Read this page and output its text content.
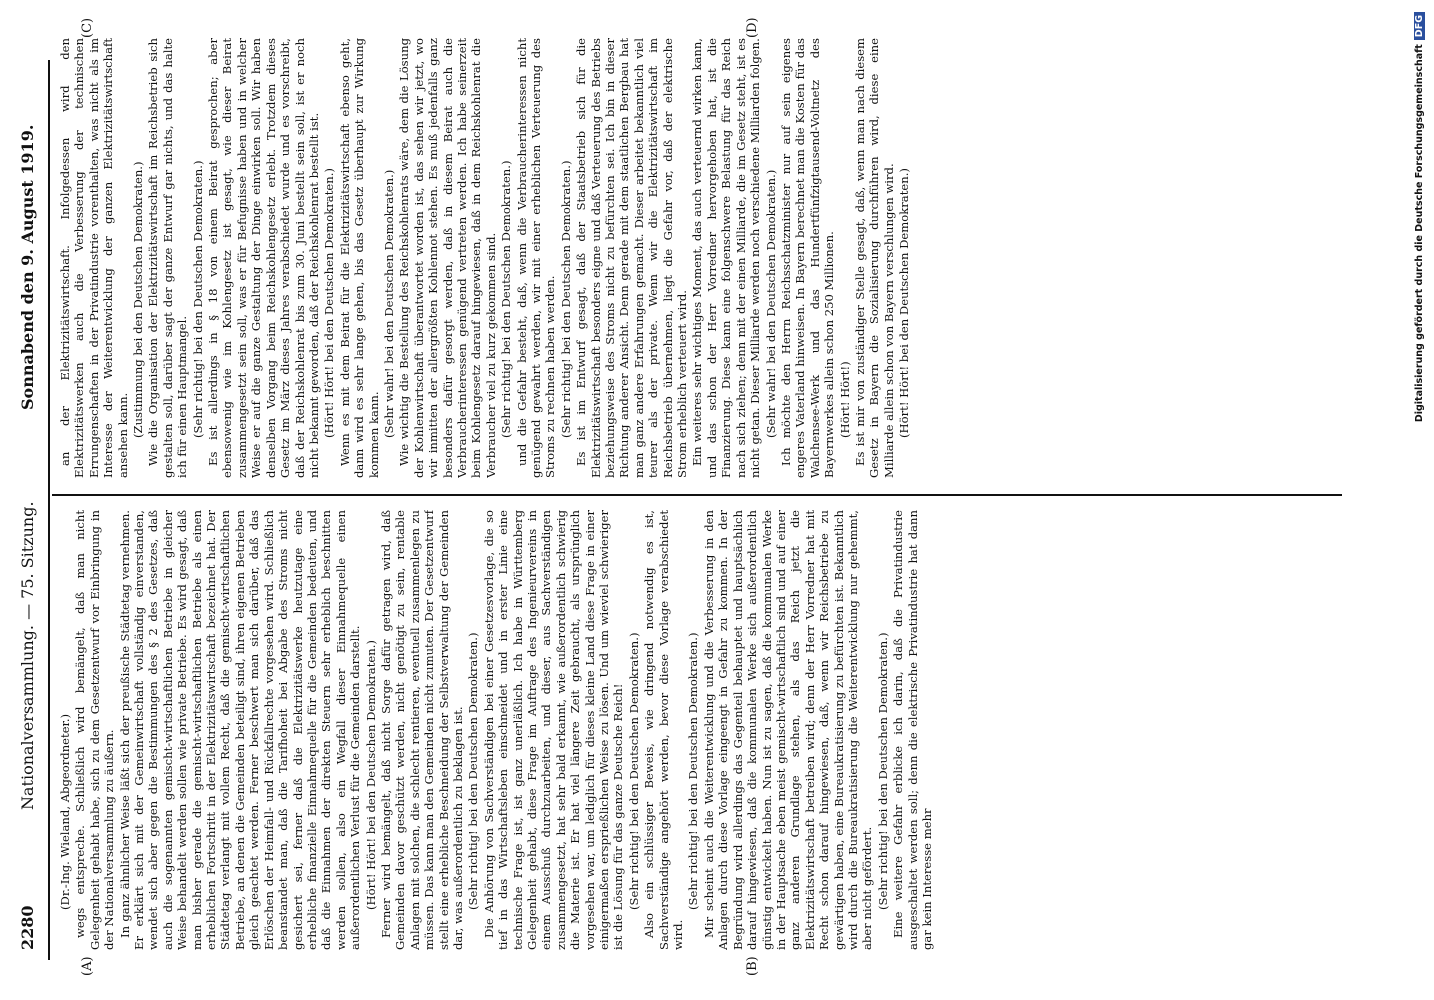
2280
Nationalversammlung. — 75. Sitzung.
Sonnabend den 9. August 1919.
(A)	(B)
(C)	(D)

(Dr.-Ing. Wieland, Abgeordneter.) wegs entspreche. Schließlich wird bemängelt, daß man nicht Gelegenheit gehabt habe, sich zu dem Gesetzentwurf vor Einbringung in der Nationalversammlung zu äußern. In ganz ähnlicher Weise läßt sich der preußische Städtetag vernehmen. Er erklärt sich mit der Gemeinwirtschaft vollständig einverstanden, wendet sich aber gegen die Bestimmungen des § 2 des Gesetzes, daß auch die sogenannten gemischt-wirtschaftlichen Betriebe in gleicher Weise behandelt werden sollen wie private Betriebe. Es wird gesagt, daß man bisher gerade die gemischt-wirtschaftlichen Betriebe als einen erheblichen Fortschritt in der Elektrizitätswirtschaft bezeichnet hat. Der Städtetag verlangt mit vollem Recht, daß die gemischt-wirtschaftlichen Betriebe, an denen die Gemeinden beteiligt sind, ihren eigenen Betrieben gleich geachtet werden. Ferner beschwert man sich darüber, daß das Erlöschen der Heimfall- und Rückfallrechte vorgesehen wird. Schließlich beanstandet man, daß die Tarifhoheit bei Abgabe des Stroms nicht gesichert sei, ferner daß die Elektrizitätswerke heutzutage eine erhebliche finanzielle Einnahmequelle für die Gemeinden bedeuten, und daß die Einnahmen der direkten Steuern sehr erheblich beschnitten werden sollen, also ein Wegfall dieser Einnahmequelle einen außerordentlichen Verlust für die Gemeinden darstellt. (Hört! Hört! bei den Deutschen Demokraten.) Ferner wird bemängelt, daß nicht Sorge dafür getragen wird, daß Gemeinden davor geschützt werden, nicht genötigt zu sein, rentable Anlagen mit solchen, die schlecht rentieren, eventuell zusammenlegen zu müssen. Das kann man den Gemeinden nicht zumuten. Der Gesetzentwurf stellt eine erhebliche Beschneidung der Selbstverwaltung der Gemeinden dar, was außerordentlich zu beklagen ist. (Sehr richtig! bei den Deutschen Demokraten.) Die Anhörung von Sachverständigen bei einer Gesetzesvorlage, die so tief in das Wirtschaftsleben einschneidet und in erster Linie eine technische Frage ist, ist ganz unerläßlich. Ich habe in Württemberg Gelegenheit gehabt, diese Frage im Auftrage des Ingenieurvereins in einem Ausschuß durchzuarbeiten, und dieser, aus Sachverständigen zusammengesetzt, hat sehr bald erkannt, wie außerordentlich schwierig die Materie ist. Er hat viel längere Zeit gebraucht, als ursprünglich vorgesehen war, um lediglich für dieses kleine Land diese Frage in einer einigermaßen ersprießlichen Weise zu lösen. Und um wieviel schwieriger ist die Lösung für das ganze Deutsche Reich! (Sehr richtig! bei den Deutschen Demokraten.) Also ein schlüssiger Beweis, wie dringend notwendig es ist, Sachverständige angehört werden, bevor diese Vorlage verabschiedet wird.

(Sehr richtig! bei den Deutschen Demokraten.) Mir scheint auch die Weiterentwicklung und die Verbesserung in den Anlagen durch diese Vorlage eingeengt in Gefahr zu kommen. In der Begründung wird allerdings das Gegenteil behauptet und hauptsächlich darauf hingewiesen, daß die kommunalen Werke sich außerordentlich günstig entwickelt haben. Nun ist zu sagen, daß die kommunalen Werke in der Hauptsache eben meist gemischt-wirtschaftlich sind und auf einer ganz anderen Grundlage stehen, als das Reich jetzt die Elektrizitätswirtschaft betreiben wird; denn der Herr Vorredner hat mit Recht schon darauf hingewiesen, daß, wenn wir Reichsbetriebe zu gewärtigen haben, eine Bureaukratisierung zu befürchten ist. Bekanntlich wird durch die Bureaukratisierung die Weiterentwicklung nur gehemmt, aber nicht gefördert. (Sehr richtig! bei den Deutschen Demokraten.) Eine weitere Gefahr erblicke ich darin, daß die Privatindustrie ausgeschaltet werden soll; denn die elektrische Privatindustrie hat dann gar kein Interesse mehr

an der Elektrizitätswirtschaft. Infolgedessen wird den Elektrizitätswerken auch die Verbesserung der technischen Errungenschaften in der Privatindustrie vorenthalten, was nicht als im Interesse der Weiterentwicklung der ganzen Elektrizitätswirtschaft ansehen kann. (Zustimmung bei den Deutschen Demokraten.) Wie die Organisation der Elektrizitätswirtschaft im Reichsbetrieb sich gestalten soll, darüber sagt der ganze Entwurf gar nichts, und das halte ich für einen Hauptmangel. (Sehr richtig! bei den Deutschen Demokraten.) Es ist allerdings in § 18 von einem Beirat gesprochen; aber ebensowenig wie im Kohlengesetz ist gesagt, wie dieser Beirat zusammengesetzt sein soll, was er für Befugnisse haben und in welcher Weise er auf die ganze Gestaltung der Dinge einwirken soll. Wir haben denselben Vorgang beim Reichskohlengesetz erlebt. Trotzdem dieses Gesetz im März dieses Jahres verabschiedet wurde und es vorschreibt, daß der Reichskohlenrat bis zum 30. Juni bestellt sein soll, ist er noch nicht bekannt geworden, daß der Reichskohlenrat bestellt ist. (Hört! Hört! bei den Deutschen Demokraten.) Wenn es mit dem Beirat für die Elektrizitätswirtschaft ebenso geht, dann wird es sehr lange gehen, bis das Gesetz überhaupt zur Wirkung kommen kann. (Sehr wahr! bei den Deutschen Demokraten.) Wie wichtig die Bestellung des Reichskohlenrats wäre, dem die Lösung der Kohlenwirtschaft überantwortet worden ist, das sehen wir jetzt, wo wir inmitten der allergrößten Kohlennot stehen. Es muß jedenfalls ganz besonders dafür gesorgt werden, daß in diesem Beirat auch die Verbraucherinteressen genügend vertreten werden. Ich habe seinerzeit beim Kohlengesetz darauf hingewiesen, daß in dem Reichskohlenrat die Verbraucher viel zu kurz gekommen sind. (Sehr richtig! bei den Deutschen Demokraten.) und die Gefahr besteht, daß, wenn die Verbraucherinteressen nicht genügend gewahrt werden, wir mit einer erheblichen Verteuerung des Stroms zu rechnen haben werden. (Sehr richtig! bei den Deutschen Demokraten.) Es ist im Entwurf gesagt, daß der Staatsbetrieb sich für die Elektrizitätswirtschaft besonders eigne und daß Verteuerung des Betriebs beziehungsweise des Stroms nicht zu befürchten sei. Ich bin in dieser Richtung anderer Ansicht. Denn gerade mit dem staatlichen Bergbau hat man ganz andere Erfahrungen gemacht. Dieser arbeitet bekanntlich viel teurer als der private. Wenn wir die Elektrizitätswirtschaft im Reichsbetrieb übernehmen, liegt die Gefahr vor, daß der elektrische Strom erheblich verteuert wird. Ein weiteres sehr wichtiges Moment, das auch verteuernd wirken kann, und das schon der Herr Vorredner hervorgehoben hat, ist die Finanzierung. Diese kann eine folgenschwere Belastung für das Reich nach sich ziehen; denn mit der einen Milliarde, die im Gesetz steht, ist es nicht getan. Dieser Milliarde werden noch verschiedene Milliarden folgen. (Sehr wahr! bei den Deutschen Demokraten.) Ich möchte den Herrn Reichsschatzminister nur auf sein eigenes engeres Vaterland hinweisen. In Bayern berechnet man die Kosten für das Walchensee-Werk und das Hundertfünfzigtausend-Voltnetz des Bayernwerkes allein schon 250 Millionen. (Hört! Hört!) Es ist mir von zuständiger Stelle gesagt, daß, wenn man nach diesem Gesetz in Bayern die Sozialisierung durchführen wird, diese eine Milliarde allein schon von Bayern verschlungen wird. (Hört! Hört! bei den Deutschen Demokraten.)	Digitalisierung gefördert durch die Deutsche ForschungsgemeinschaftDFG
